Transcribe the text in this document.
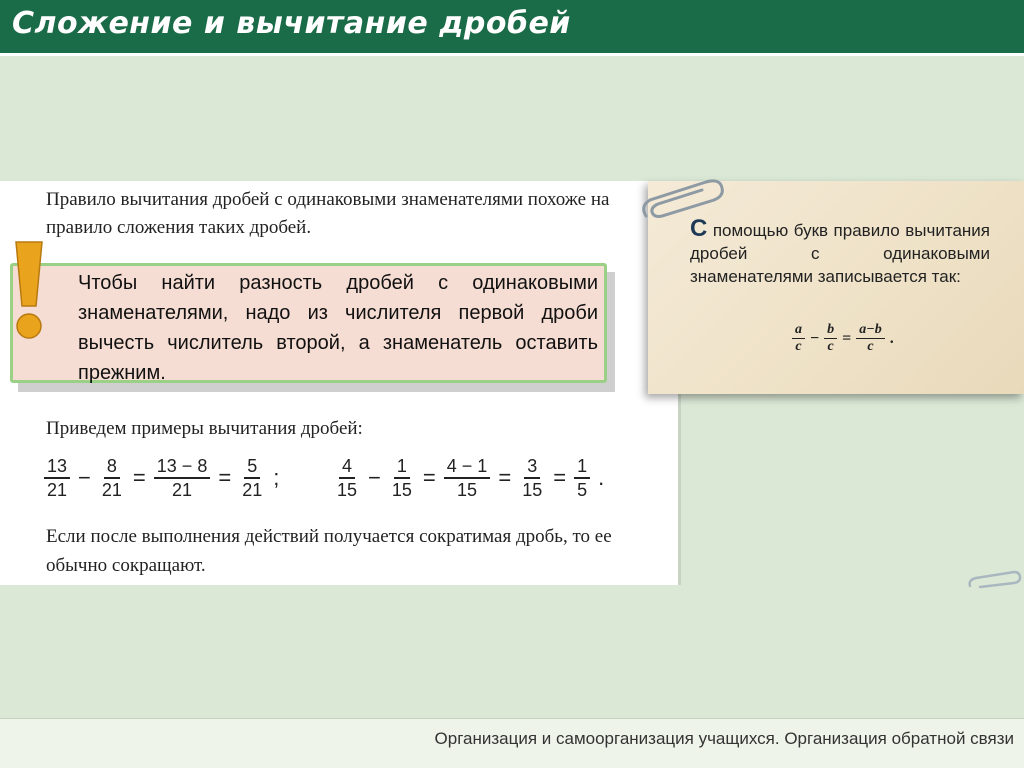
Сложение и вычитание дробей
Правило вычитания дробей с одинаковыми знаменателями похоже на правило сложения таких дробей.
Чтобы найти разность дробей с одинаковыми знаменателями, надо из числителя первой дроби вычесть числитель второй, а знаменатель оставить прежним.
Приведем примеры вычитания дробей:
$\frac{13}{21} - \frac{8}{21} = \frac{13 - 8}{21} = \frac{5}{21}$ ;	$\frac{4}{15} - \frac{1}{15} = \frac{4 - 1}{15} = \frac{3}{15} = \frac{1}{5}$ .
Если после выполнения действий получается сократимая дробь, то ее обычно сокращают.
С помощью букв правило вычитания дробей с одинаковыми знаменателями записывается так:
$\frac{a}{c} - \frac{b}{c} = \frac{a-b}{c}$ .
Организация и самоорганизация учащихся. Организация обратной связи
